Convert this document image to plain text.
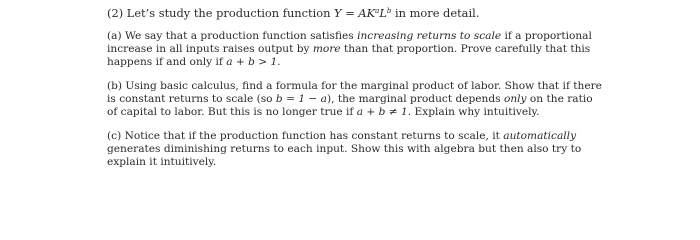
(2) Let’s study the production function $Y = AK^aL^b$ in more detail.
(a) We say that a production function satisfies increasing returns to scale if a proportional
increase in all inputs raises output by more than that proportion. Prove carefully that this
happens if and only if a + b > 1.
(b) Using basic calculus, find a formula for the marginal product of labor. Show that if there
is constant returns to scale (so b = 1 − a), the marginal product depends only on the ratio
of capital to labor. But this is no longer true if a + b ≠ 1. Explain why intuitively.
(c) Notice that if the production function has constant returns to scale, it automatically
generates diminishing returns to each input. Show this with algebra but then also try to
explain it intuitively.
